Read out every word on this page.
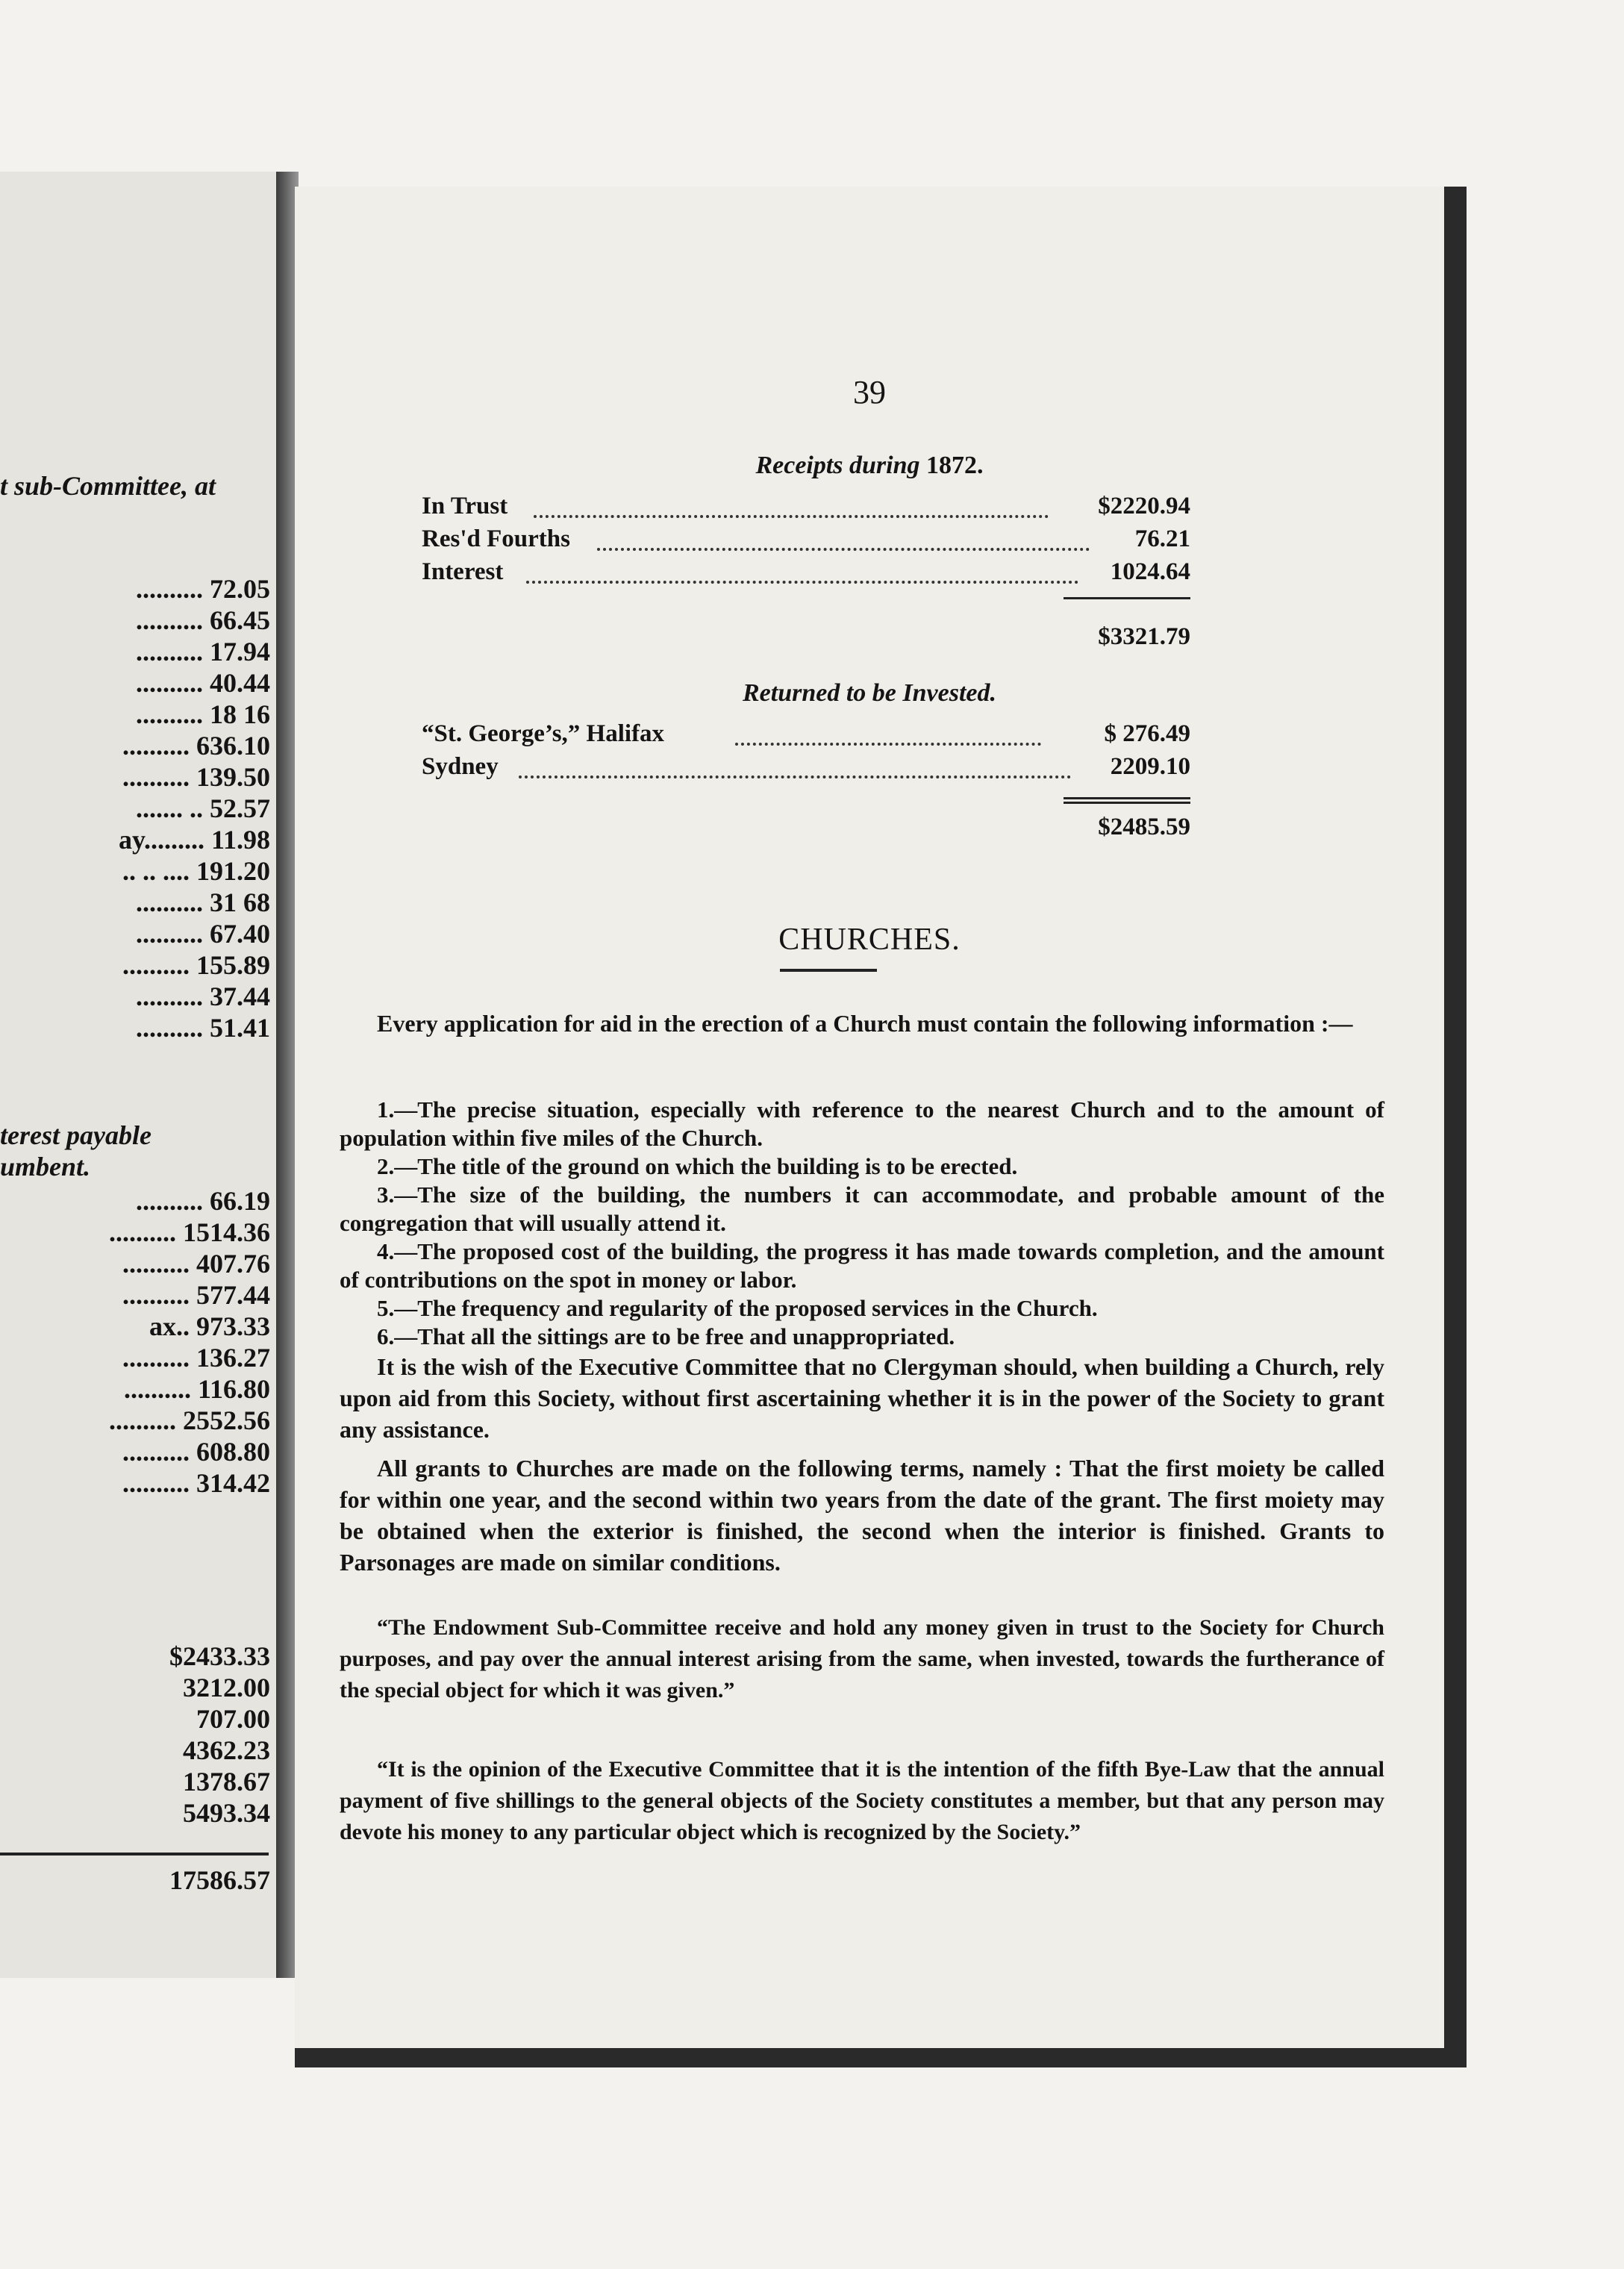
t sub-Committee, at
.......... 72.05
.......... 66.45
.......... 17.94
.......... 40.44
.......... 18 16
.......... 636.10
.......... 139.50
....... .. 52.57
ay......... 11.98
.. .. .... 191.20
.......... 31 68
.......... 67.40
.......... 155.89
.......... 37.44
.......... 51.41
terest payable
umbent.
.......... 66.19
.......... 1514.36
.......... 407.76
.......... 577.44
ax.. 973.33
.......... 136.27
.......... 116.80
.......... 2552.56
.......... 608.80
.......... 314.42
$2433.33
3212.00
707.00
4362.23
1378.67
5493.34
17586.57
39
Receipts during 1872.
In Trust	$2220.94
Res'd Fourths	76.21
Interest	1024.64
$3321.79
Returned to be Invested.
“St. George’s,” Halifax	$ 276.49
Sydney	2209.10
$2485.59
CHURCHES.
Every application for aid in the erection of a Church must contain the following information :—
1.—The precise situation, especially with reference to the nearest Church and to the amount of population within five miles of the Church.
2.—The title of the ground on which the building is to be erected.
3.—The size of the building, the numbers it can accommodate, and probable amount of the congregation that will usually attend it.
4.—The proposed cost of the building, the progress it has made towards completion, and the amount of contributions on the spot in money or labor.
5.—The frequency and regularity of the proposed services in the Church.
6.—That all the sittings are to be free and unappropriated.
It is the wish of the Executive Committee that no Clergyman should, when building a Church, rely upon aid from this Society, without first ascertaining whether it is in the power of the Society to grant any assistance.
All grants to Churches are made on the following terms, namely : That the first moiety be called for within one year, and the second within two years from the date of the grant. The first moiety may be obtained when the exterior is finished, the second when the interior is finished. Grants to Parsonages are made on similar conditions.
“The Endowment Sub-Committee receive and hold any money given in trust to the Society for Church purposes, and pay over the annual interest arising from the same, when invested, towards the furtherance of the special object for which it was given.”
“It is the opinion of the Executive Committee that it is the intention of the fifth Bye-Law that the annual payment of five shillings to the general objects of the Society constitutes a member, but that any person may devote his money to any particular object which is recognized by the Society.”
